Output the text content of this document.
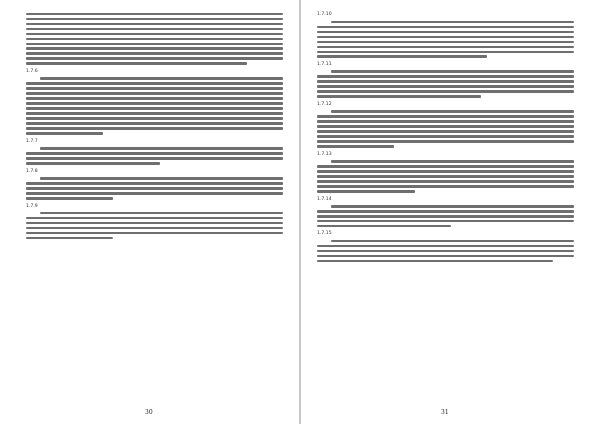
1.7.6
1.7.7
1.7.8
1.7.9
30
1.7.10
1.7.11
1.7.12
1.7.13
1.7.14
1.7.15
31
